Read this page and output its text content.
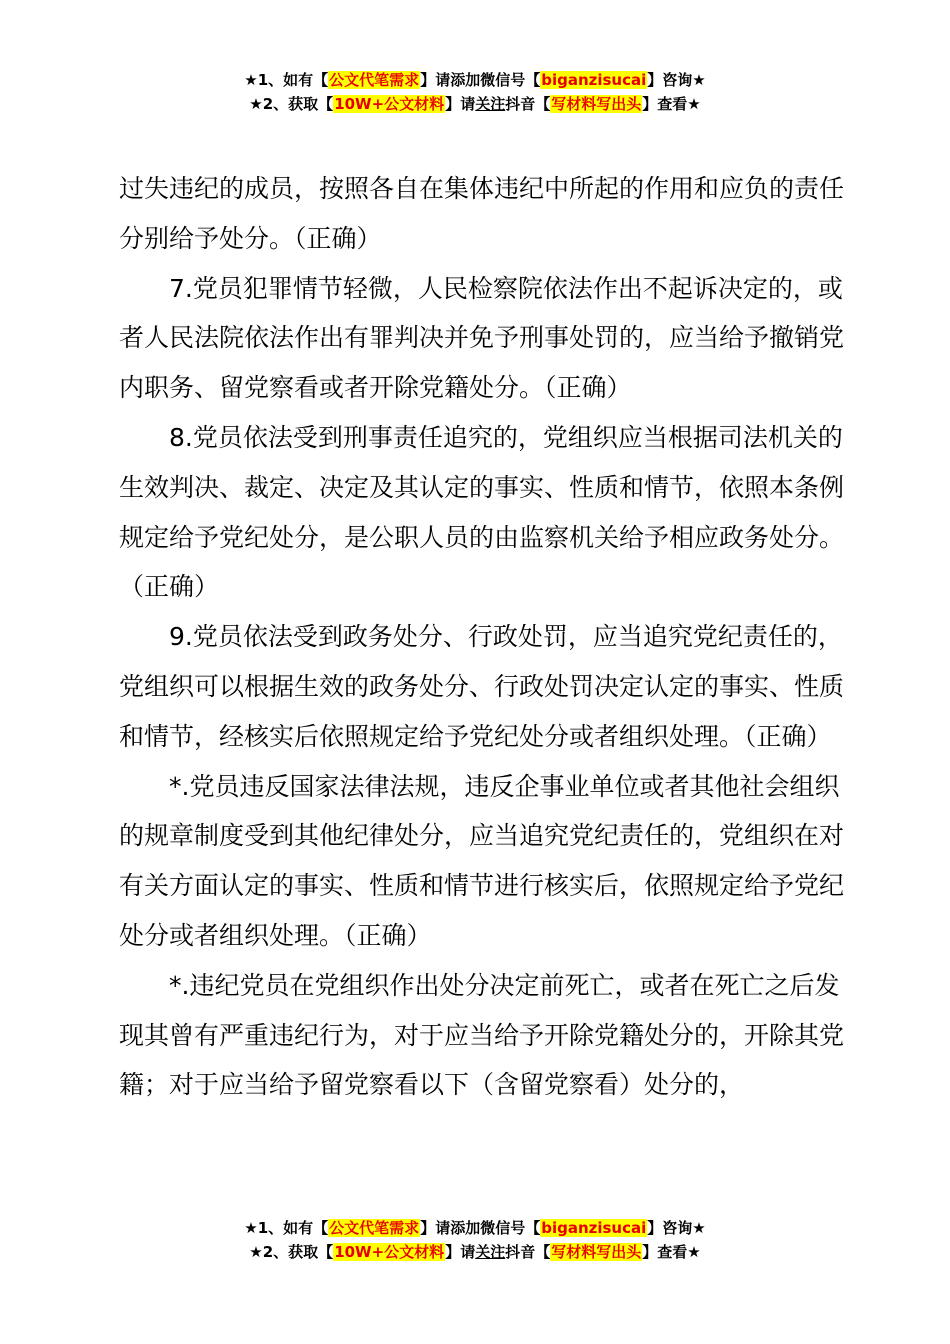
★1、如有【公文代笔需求】请添加微信号【biganzisucai】咨询★
★2、获取【10W+公文材料】请关注抖音【写材料写出头】查看★

过失违纪的成员，按照各自在集体违纪中所起的作用和应负的责任分别给予处分。（正确）

7.党员犯罪情节轻微，人民检察院依法作出不起诉决定的，或者人民法院依法作出有罪判决并免予刑事处罚的，应当给予撤销党内职务、留党察看或者开除党籍处分。（正确）

8.党员依法受到刑事责任追究的，党组织应当根据司法机关的生效判决、裁定、决定及其认定的事实、性质和情节，依照本条例规定给予党纪处分，是公职人员的由监察机关给予相应政务处分。（正确）

9.党员依法受到政务处分、行政处罚，应当追究党纪责任的，党组织可以根据生效的政务处分、行政处罚决定认定的事实、性质和情节，经核实后依照规定给予党纪处分或者组织处理。（正确）

*.党员违反国家法律法规，违反企事业单位或者其他社会组织的规章制度受到其他纪律处分，应当追究党纪责任的，党组织在对有关方面认定的事实、性质和情节进行核实后，依照规定给予党纪处分或者组织处理。（正确）

*.违纪党员在党组织作出处分决定前死亡，或者在死亡之后发现其曾有严重违纪行为，对于应当给予开除党籍处分的，开除其党籍；对于应当给予留党察看以下（含留党察看）处分的，

★1、如有【公文代笔需求】请添加微信号【biganzisucai】咨询★
★2、获取【10W+公文材料】请关注抖音【写材料写出头】查看★
